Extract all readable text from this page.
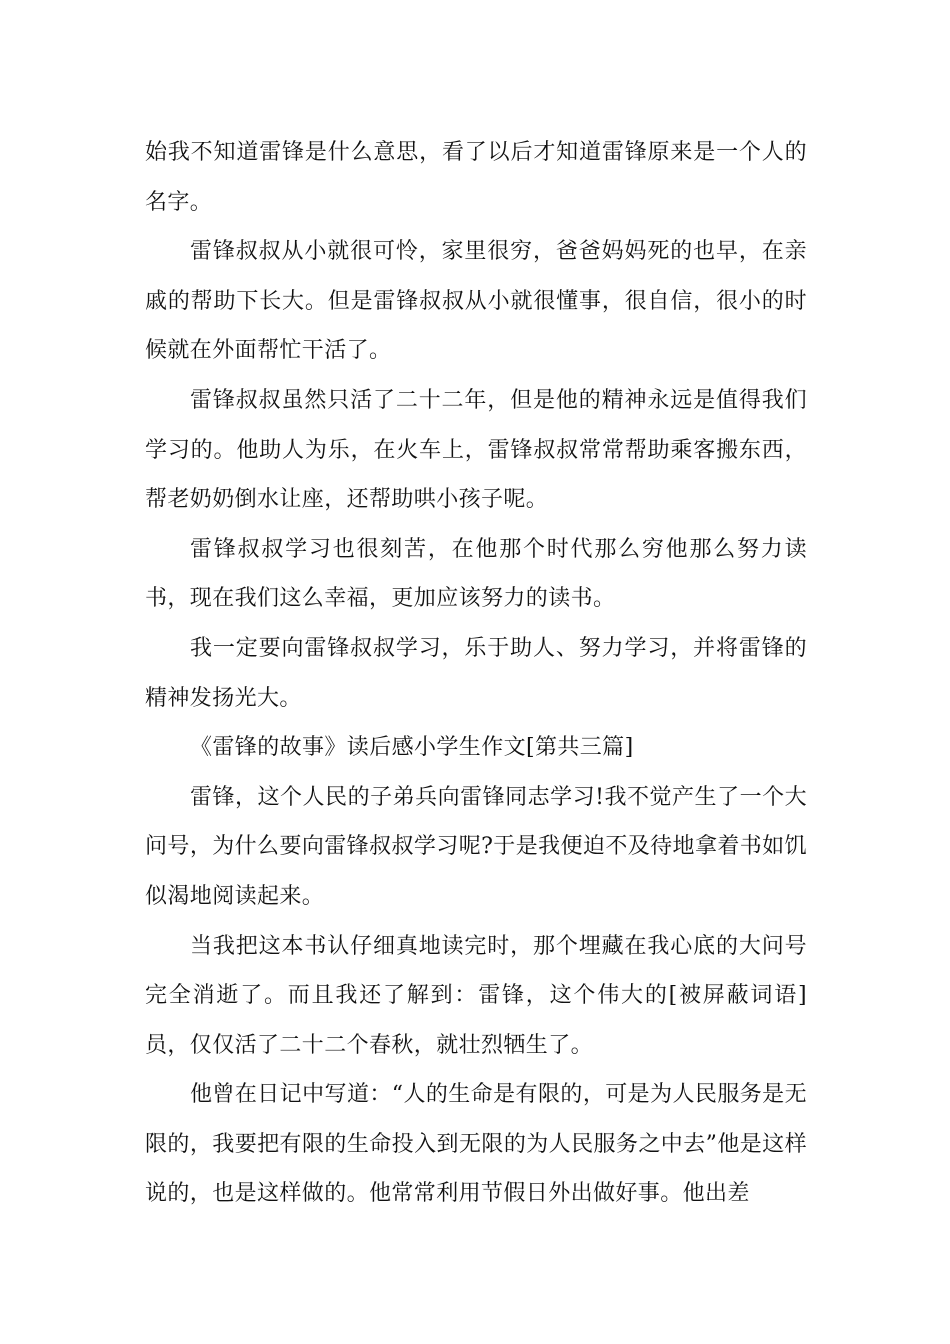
始我不知道雷锋是什么意思，看了以后才知道雷锋原来是一个人的名字。

雷锋叔叔从小就很可怜，家里很穷，爸爸妈妈死的也早，在亲戚的帮助下长大。但是雷锋叔叔从小就很懂事，很自信，很小的时候就在外面帮忙干活了。

雷锋叔叔虽然只活了二十二年，但是他的精神永远是值得我们学习的。他助人为乐，在火车上，雷锋叔叔常常帮助乘客搬东西，帮老奶奶倒水让座，还帮助哄小孩子呢。

雷锋叔叔学习也很刻苦，在他那个时代那么穷他那么努力读书，现在我们这么幸福，更加应该努力的读书。

我一定要向雷锋叔叔学习，乐于助人、努力学习，并将雷锋的精神发扬光大。

《雷锋的故事》读后感小学生作文[第共三篇]

雷锋，这个人民的子弟兵向雷锋同志学习!我不觉产生了一个大问号，为什么要向雷锋叔叔学习呢?于是我便迫不及待地拿着书如饥似渴地阅读起来。

当我把这本书认仔细真地读完时，那个埋藏在我心底的大问号完全消逝了。而且我还了解到：雷锋，这个伟大的[被屏蔽词语]员，仅仅活了二十二个春秋，就壮烈牺生了。

他曾在日记中写道：“人的生命是有限的，可是为人民服务是无限的，我要把有限的生命投入到无限的为人民服务之中去”他是这样说的，也是这样做的。他常常利用节假日外出做好事。他出差
